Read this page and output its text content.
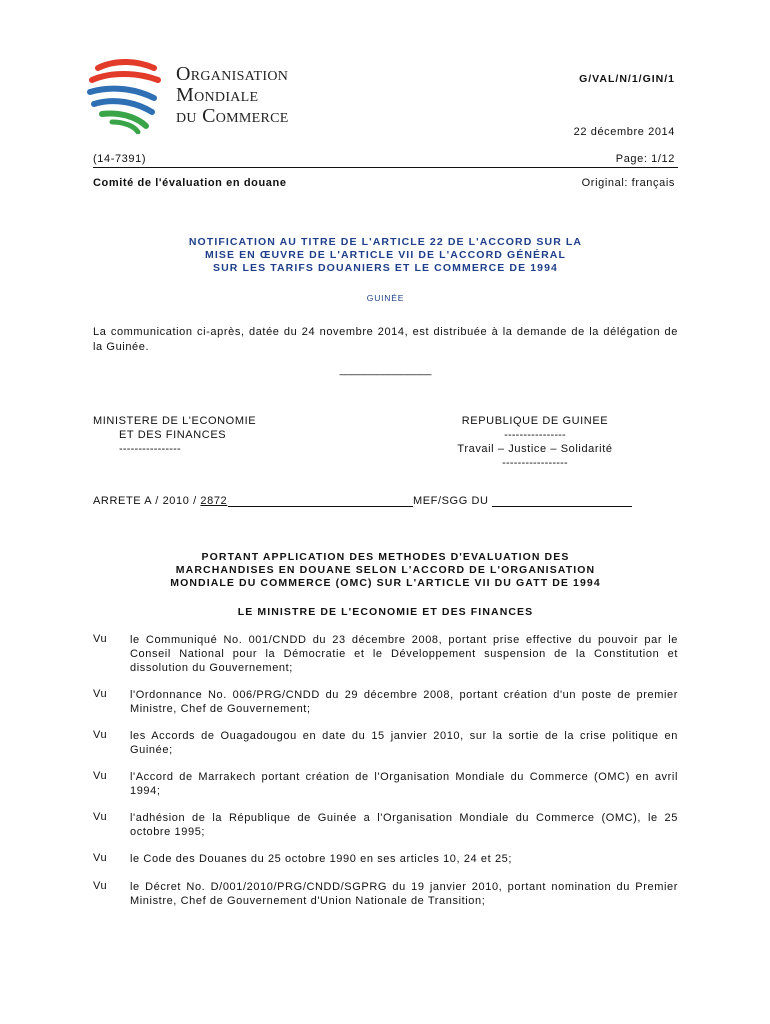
Organisation
Mondiale
du Commerce
G/VAL/N/1/GIN/1
22 décembre 2014
(14-7391)	Page: 1/12
Comité de l'évaluation en douane	Original: français
NOTIFICATION AU TITRE DE L'ARTICLE 22 DE L'ACCORD SUR LA
MISE EN ŒUVRE DE L'ARTICLE VII DE L'ACCORD GÉNÉRAL
SUR LES TARIFS DOUANIERS ET LE COMMERCE DE 1994
GUINÉE
La communication ci-après, datée du 24 novembre 2014, est distribuée à la demande de la délégation de la Guinée.
_______________
MINISTERE DE L'ECONOMIE
ET DES FINANCES
----------------
REPUBLIQUE DE GUINEE
----------------
Travail – Justice – Solidarité
-----------------
ARRETE A / 2010 / 2872	MEF/SGG DU
PORTANT APPLICATION DES METHODES D'EVALUATION DES
MARCHANDISES EN DOUANE SELON L'ACCORD DE L'ORGANISATION
MONDIALE DU COMMERCE (OMC) SUR L'ARTICLE VII DU GATT DE 1994
LE MINISTRE DE L'ECONOMIE ET DES FINANCES
Vu le Communiqué No. 001/CNDD du 23 décembre 2008, portant prise effective du pouvoir par le Conseil National pour la Démocratie et le Développement suspension de la Constitution et dissolution du Gouvernement;
Vu l'Ordonnance No. 006/PRG/CNDD du 29 décembre 2008, portant création d'un poste de premier Ministre, Chef de Gouvernement;
Vu les Accords de Ouagadougou en date du 15 janvier 2010, sur la sortie de la crise politique en Guinée;
Vu l'Accord de Marrakech portant création de l'Organisation Mondiale du Commerce (OMC) en avril 1994;
Vu l'adhésion de la République de Guinée a l'Organisation Mondiale du Commerce (OMC), le 25 octobre 1995;
Vu le Code des Douanes du 25 octobre 1990 en ses articles 10, 24 et 25;
Vu le Décret No. D/001/2010/PRG/CNDD/SGPRG du 19 janvier 2010, portant nomination du Premier Ministre, Chef de Gouvernement d'Union Nationale de Transition;
